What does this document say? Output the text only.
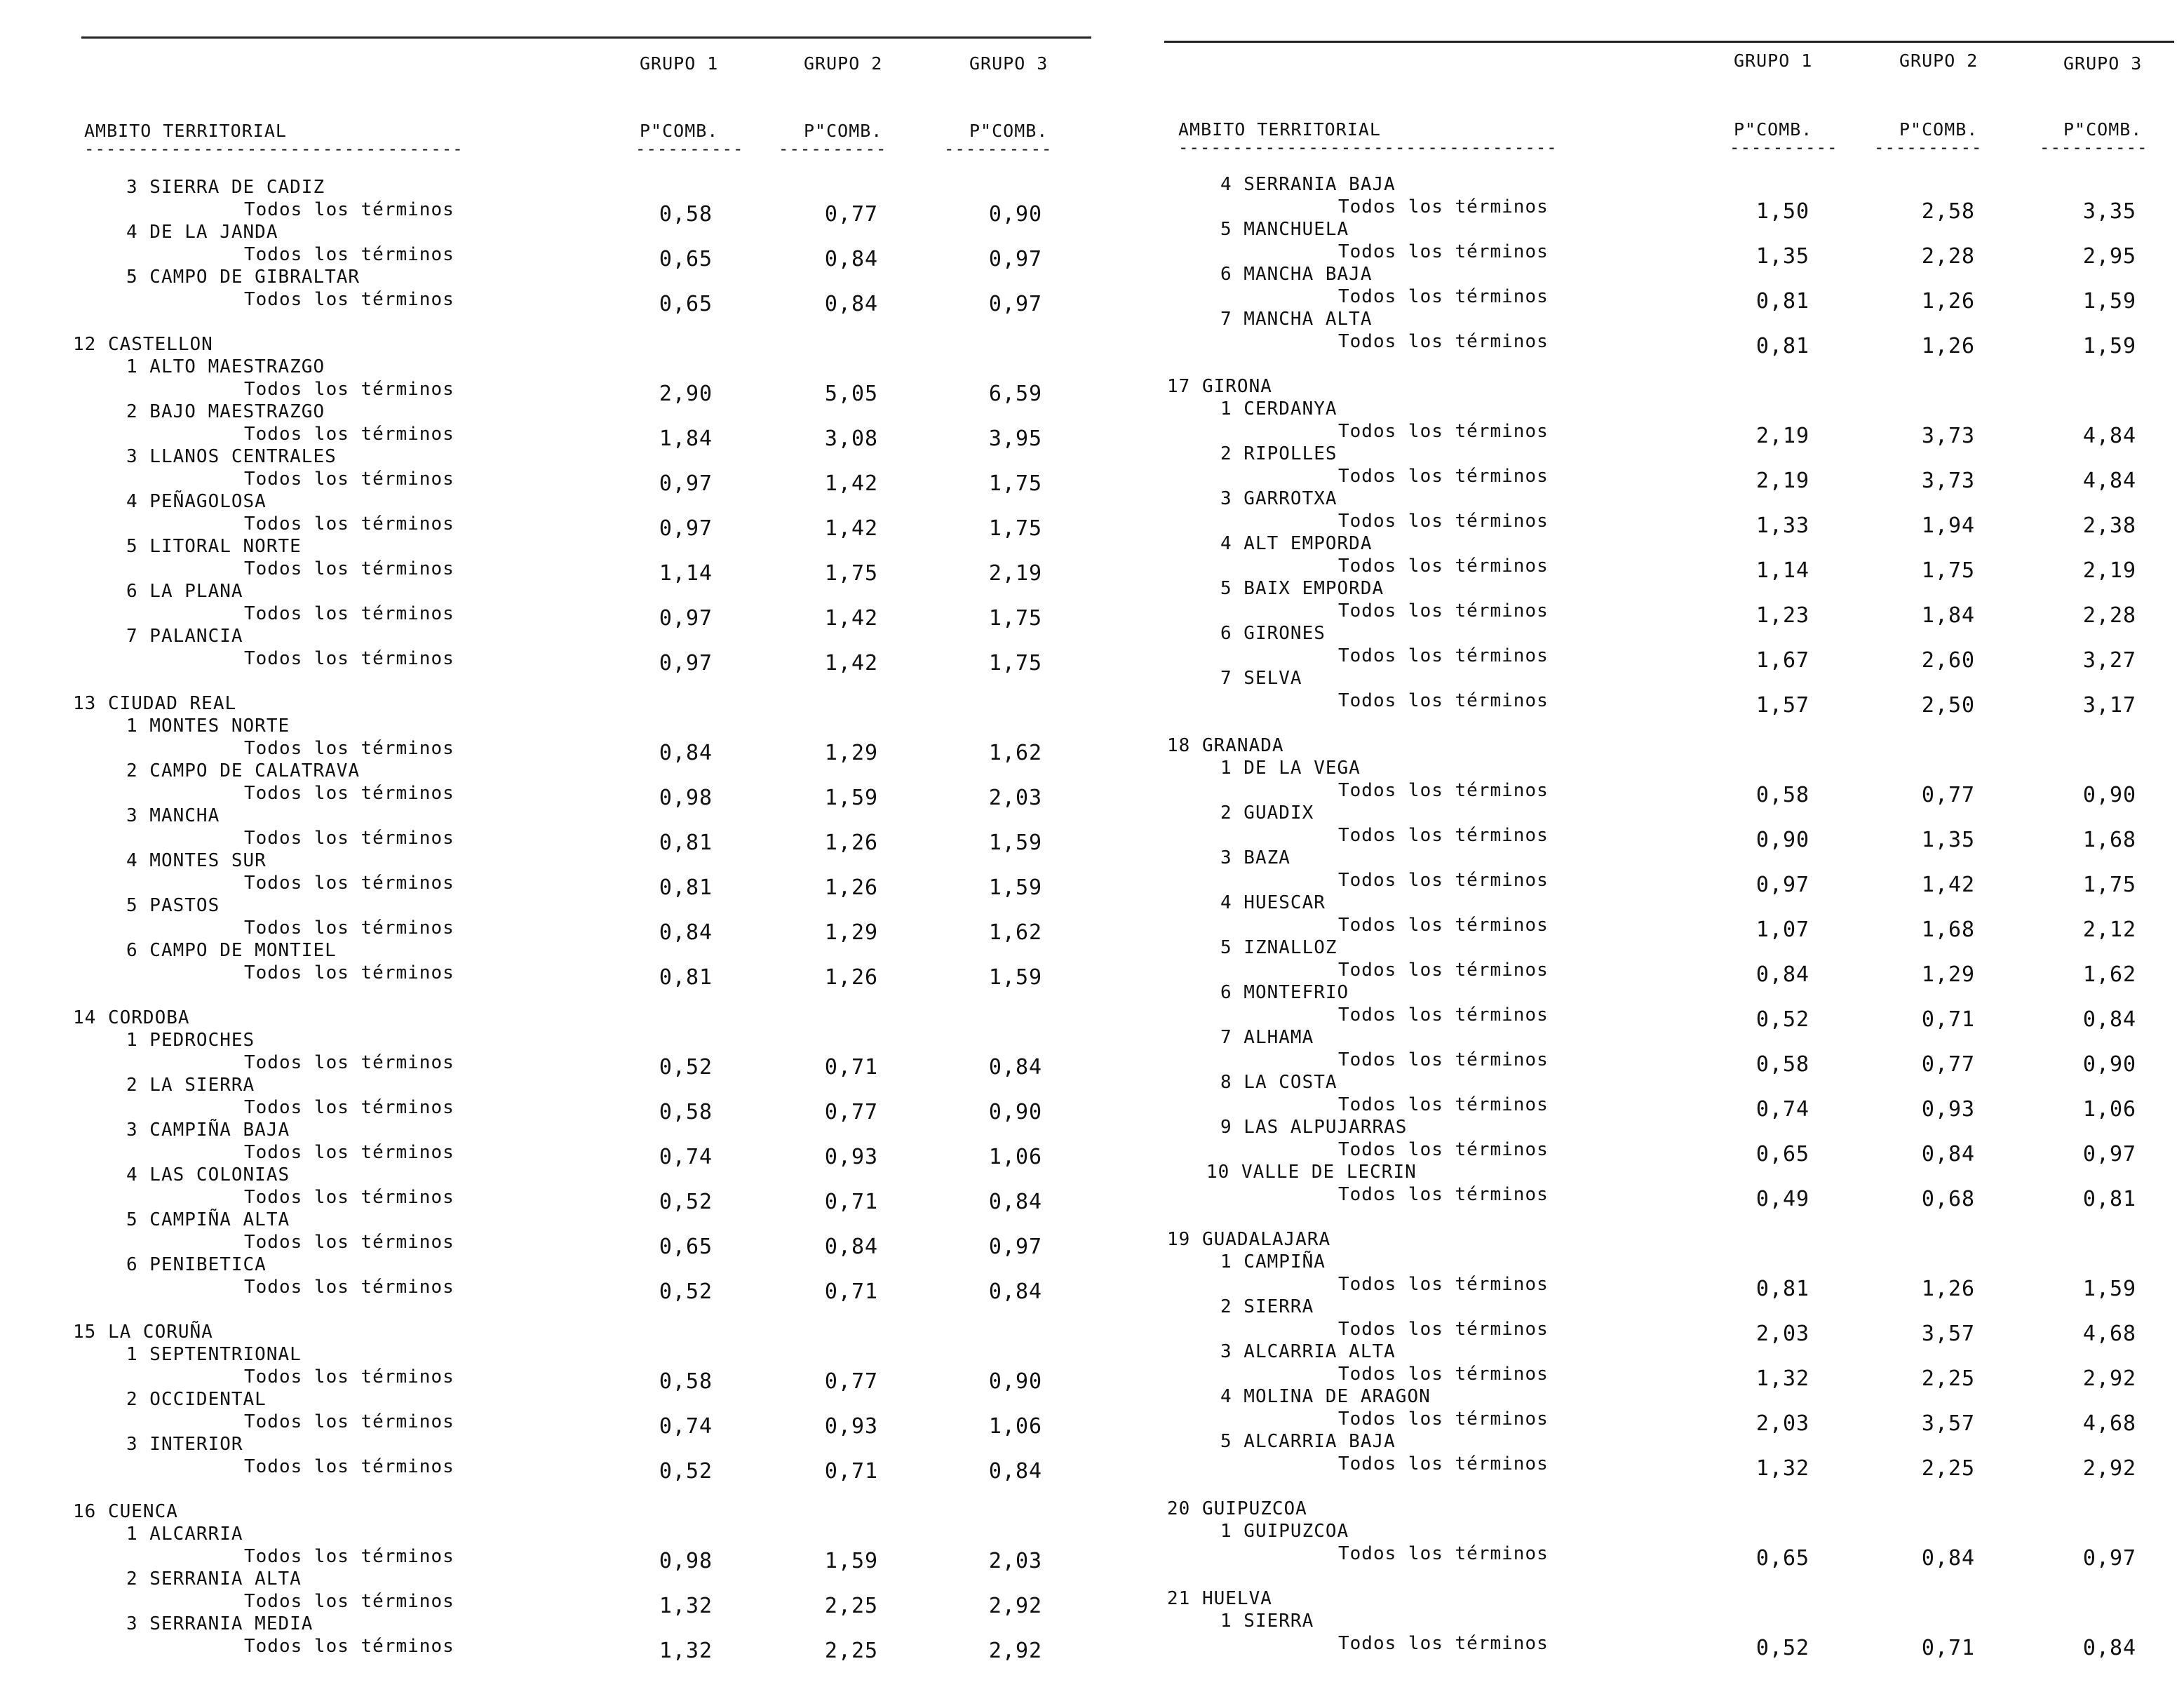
GRUPO 1	GRUPO 2	GRUPO 3
AMBITO TERRITORIAL	P"COMB.	P"COMB.	P"COMB.
-----------------------------------	---------- ----------	----------
3 SIERRA DE CADIZ
Todos los términos	0,58	0,77	0,90
4 DE LA JANDA
Todos los términos	0,65	0,84	0,97
5 CAMPO DE GIBRALTAR
Todos los términos	0,65	0,84	0,97
12 CASTELLON
1 ALTO MAESTRAZGO
Todos los términos	2,90	5,05	6,59
2 BAJO MAESTRAZGO
Todos los términos	1,84	3,08	3,95
3 LLANOS CENTRALES
Todos los términos	0,97	1,42	1,75
4 PEÑAGOLOSA
Todos los términos	0,97	1,42	1,75
5 LITORAL NORTE
Todos los términos	1,14	1,75	2,19
6 LA PLANA
Todos los términos	0,97	1,42	1,75
7 PALANCIA
Todos los términos	0,97	1,42	1,75
13 CIUDAD REAL
1 MONTES NORTE
Todos los términos	0,84	1,29	1,62
2 CAMPO DE CALATRAVA
Todos los términos	0,98	1,59	2,03
3 MANCHA
Todos los términos	0,81	1,26	1,59
4 MONTES SUR
Todos los términos	0,81	1,26	1,59
5 PASTOS
Todos los términos	0,84	1,29	1,62
6 CAMPO DE MONTIEL
Todos los términos	0,81	1,26	1,59
14 CORDOBA
1 PEDROCHES
Todos los términos	0,52	0,71	0,84
2 LA SIERRA
Todos los términos	0,58	0,77	0,90
3 CAMPIÑA BAJA
Todos los términos	0,74	0,93	1,06
4 LAS COLONIAS
Todos los términos	0,52	0,71	0,84
5 CAMPIÑA ALTA
Todos los términos	0,65	0,84	0,97
6 PENIBETICA
Todos los términos	0,52	0,71	0,84
15 LA CORUÑA
1 SEPTENTRIONAL
Todos los términos	0,58	0,77	0,90
2 OCCIDENTAL
Todos los términos	0,74	0,93	1,06
3 INTERIOR
Todos los términos	0,52	0,71	0,84
16 CUENCA
1 ALCARRIA
Todos los términos	0,98	1,59	2,03
2 SERRANIA ALTA
Todos los términos	1,32	2,25	2,92
3 SERRANIA MEDIA
Todos los términos	1,32	2,25	2,92
GRUPO 1	GRUPO 2	GRUPO 3
AMBITO TERRITORIAL	P"COMB.	P"COMB.	P"COMB.
-----------------------------------	---------- ----------	----------
4 SERRANIA BAJA
Todos los términos	1,50	2,58	3,35
5 MANCHUELA
Todos los términos	1,35	2,28	2,95
6 MANCHA BAJA
Todos los términos	0,81	1,26	1,59
7 MANCHA ALTA
Todos los términos	0,81	1,26	1,59
17 GIRONA
1 CERDANYA
Todos los términos	2,19	3,73	4,84
2 RIPOLLES
Todos los términos	2,19	3,73	4,84
3 GARROTXA
Todos los términos	1,33	1,94	2,38
4 ALT EMPORDA
Todos los términos	1,14	1,75	2,19
5 BAIX EMPORDA
Todos los términos	1,23	1,84	2,28
6 GIRONES
Todos los términos	1,67	2,60	3,27
7 SELVA
Todos los términos	1,57	2,50	3,17
18 GRANADA
1 DE LA VEGA
Todos los términos	0,58	0,77	0,90
2 GUADIX
Todos los términos	0,90	1,35	1,68
3 BAZA
Todos los términos	0,97	1,42	1,75
4 HUESCAR
Todos los términos	1,07	1,68	2,12
5 IZNALLOZ
Todos los términos	0,84	1,29	1,62
6 MONTEFRIO
Todos los términos	0,52	0,71	0,84
7 ALHAMA
Todos los términos	0,58	0,77	0,90
8 LA COSTA
Todos los términos	0,74	0,93	1,06
9 LAS ALPUJARRAS
Todos los términos	0,65	0,84	0,97
10 VALLE DE LECRIN
Todos los términos	0,49	0,68	0,81
19 GUADALAJARA
1 CAMPIÑA
Todos los términos	0,81	1,26	1,59
2 SIERRA
Todos los términos	2,03	3,57	4,68
3 ALCARRIA ALTA
Todos los términos	1,32	2,25	2,92
4 MOLINA DE ARAGON
Todos los términos	2,03	3,57	4,68
5 ALCARRIA BAJA
Todos los términos	1,32	2,25	2,92
20 GUIPUZCOA
1 GUIPUZCOA
Todos los términos	0,65	0,84	0,97
21 HUELVA
1 SIERRA
Todos los términos	0,52	0,71	0,84
